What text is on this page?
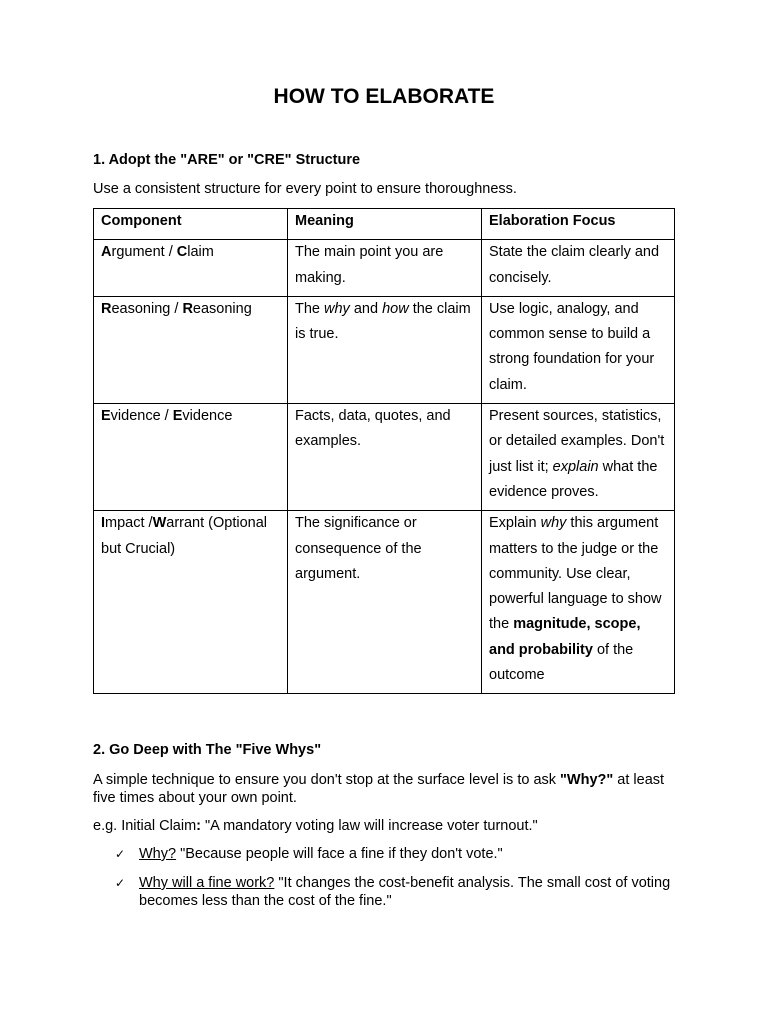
HOW TO ELABORATE
1. Adopt the "ARE" or "CRE" Structure

Use a consistent structure for every point to ensure thoroughness.

Component	Meaning	Elaboration Focus
Argument / Claim	The main point you are making.	State the claim clearly and concisely.
Reasoning / Reasoning	The why and how the claim is true.	Use logic, analogy, and common sense to build a strong foundation for your claim.
Evidence / Evidence	Facts, data, quotes, and examples.	Present sources, statistics, or detailed examples. Don't just list it; explain what the evidence proves.
Impact /Warrant (Optional but Crucial)	The significance or consequence of the argument.	Explain why this argument matters to the judge or the community. Use clear, powerful language to show the magnitude, scope, and probability of the outcome
2. Go Deep with The "Five Whys"

A simple technique to ensure you don't stop at the surface level is to ask "Why?" at least five times about your own point.

e.g. Initial Claim: "A mandatory voting law will increase voter turnout."

✓ Why? "Because people will face a fine if they don't vote."
✓ Why will a fine work? "It changes the cost-benefit analysis. The small cost of voting becomes less than the cost of the fine."
